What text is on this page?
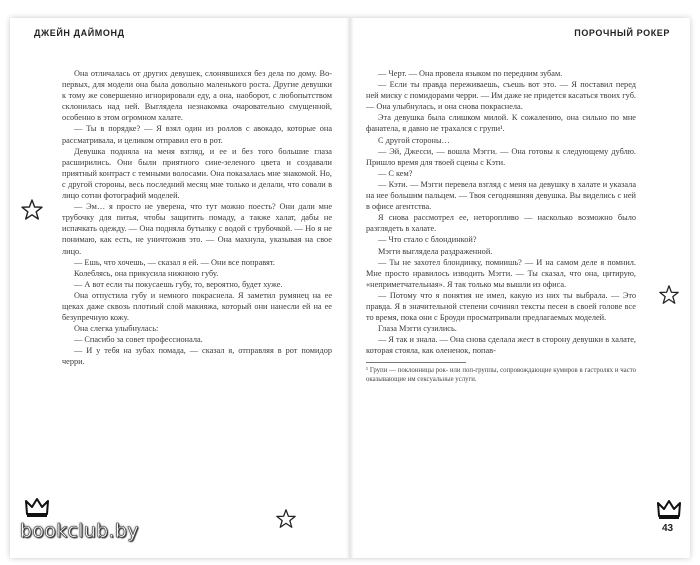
ДЖЕЙН ДАЙМОНД

Она отличалась от других девушек, слонявшихся без дела по дому. Во-первых, для модели она была довольно маленького роста. Другие девушки к тому же совершенно игнорировали еду, а она, наоборот, с любопытством склонилась над ней. Выглядела незнакомка очаровательно смущенной, особенно в этом огромном халате.

— Ты в порядке? — Я взял один из роллов с авокадо, которые она рассматривала, и целиком отправил его в рот.

Девушка подняла на меня взгляд, и ее и без того большие глаза расширились. Они были приятного сине-зеленого цвета и создавали приятный контраст с темными волосами. Она показалась мне знакомой. Но, с другой стороны, весь последний месяц мне только и делали, что совали в лицо сотни фотографий моделей.

— Эм… я просто не уверена, что тут можно поесть? Они дали мне трубочку для питья, чтобы защитить помаду, а также халат, дабы не испачкать одежду. — Она подняла бутылку с водой с трубочкой. — Но я не понимаю, как есть, не уничтожив это. — Она махнула, указывая на свое лицо.

— Ешь, что хочешь, — сказал я ей. — Они все поправят.

Колеблясь, она прикусила нижнюю губу.

— А вот если ты покусаешь губу, то, вероятно, будет хуже.

Она отпустила губу и немного покраснела. Я заметил румянец на ее щеках даже сквозь плотный слой макияжа, который они нанесли ей на ее безупречную кожу.

Она слегка улыбнулась:

— Спасибо за совет профессионала.

— И у тебя на зубах помада, — сказал я, отправляя в рот помидор черри.

ПОРОЧНЫЙ РОКЕР

— Черт. — Она провела языком по передним зубам.

— Если ты правда переживаешь, съешь вот это. — Я поставил перед ней миску с помидорами черри. — Им даже не придется касаться твоих губ. — Она улыбнулась, и она снова покраснела.

Эта девушка была слишком милой. К сожалению, она сильно по мне фанатела, я давно не трахался с групи¹.

С другой стороны…

— Эй, Джесси, — вошла Мэгги. — Она готовы к следующему дублю. Пришло время для твоей сцены с Кэти.

— С кем?

— Кэти. — Мэгги перевела взгляд с меня на девушку в халате и указала на нее большим пальцем. — Твоя сегодняшняя девушка. Вы виделись с ней в офисе агентства.

Я снова рассмотрел ее, неторопливо — насколько возможно было разглядеть в халате.

— Что стало с блондинкой?

Мэгги выглядела раздраженной.

— Ты не захотел блондинку, помнишь? — И на самом деле я помнил. Мне просто нравилось изводить Мэгги. — Ты сказал, что она, цитирую, «неприметчательная». Я так только мы вышли из офиса.

— Потому что я понятия не имел, какую из них ты выбрала. — Это правда. Я в значительной степени сочинял тексты песен в своей голове все то время, пока они с Броуди просматривали предлагаемых моделей.

Глаза Мэгги сузились.

— Я так и знала. — Она снова сделала жест в сторону девушки в халате, которая стояла, как олененок, попав-

¹ Групи — поклонницы рок- или поп-группы, сопровождающие кумиров в гастролях и часто оказывающие им сексуальные услуги.

43
bookclub.by
